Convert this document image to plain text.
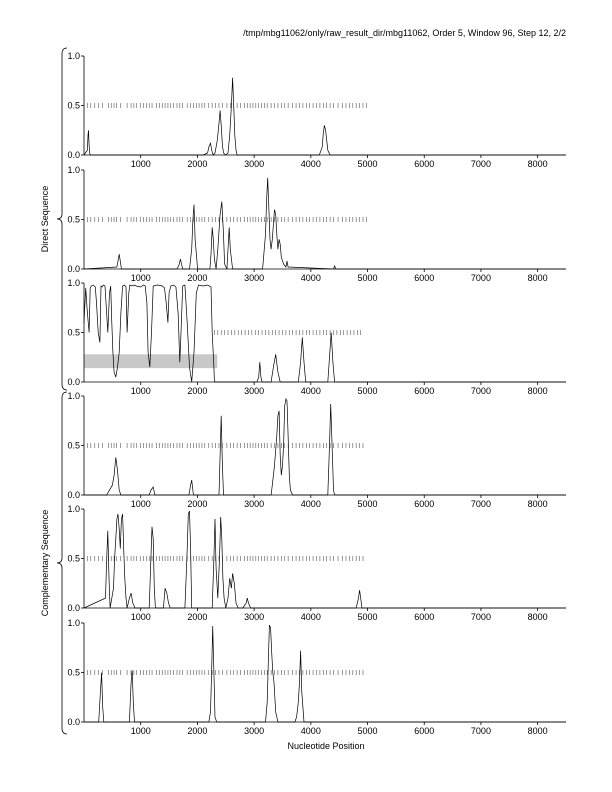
/tmp/mbg11062/only/raw_result_dir/mbg11062, Order 5, Window 96, Step 12, 2/2
0.0
0.5
1.0
1000	2000	3000	4000	5000	6000	7000	8000
0.0
0.5
1.0
1000	2000	3000	4000	5000	6000	7000	8000
0.0
0.5
1.0
1000	2000	3000	4000	5000	6000	7000	8000
0.0
0.5
1.0
1000	2000	3000	4000	5000	6000	7000	8000
0.0
0.5
1.0
1000	2000	3000	4000	5000	6000	7000	8000
0.0
0.5
1.0
1000	2000	3000	4000	5000	6000	7000	8000
Direct Sequence
Complementary Sequence
Nucleotide Position
